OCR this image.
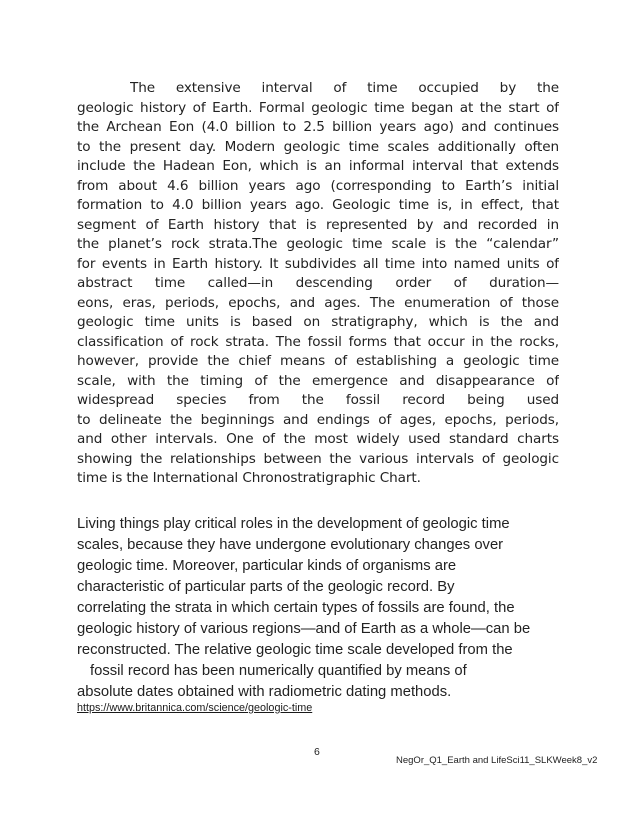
The extensive interval of time occupied by the
geologic history of Earth. Formal geologic time began at the start of
the Archean Eon (4.0 billion to 2.5 billion years ago) and continues
to the present day. Modern geologic time scales additionally often
include the Hadean Eon, which is an informal interval that extends
from about 4.6 billion years ago (corresponding to Earth’s initial
formation to 4.0 billion years ago. Geologic time is, in effect, that
segment of Earth history that is represented by and recorded in
the planet’s rock strata.The geologic time scale is the “calendar”
for events in Earth history. It subdivides all time into named units of
abstract time called—in descending order of duration—
eons, eras, periods, epochs, and ages. The enumeration of those
geologic time units is based on stratigraphy, which is the and
classification of rock strata. The fossil forms that occur in the rocks,
however, provide the chief means of establishing a geologic time
scale, with the timing of the emergence and disappearance of
widespread species from the fossil record being used
to delineate the beginnings and endings of ages, epochs, periods,
and other intervals. One of the most widely used standard charts
showing the relationships between the various intervals of geologic
time is the International Chronostratigraphic Chart.
Living things play critical roles in the development of geologic time
scales, because they have undergone evolutionary changes over
geologic time. Moreover, particular kinds of organisms are
characteristic of particular parts of the geologic record. By
correlating the strata in which certain types of fossils are found, the
geologic history of various regions—and of Earth as a whole—can be
reconstructed. The relative geologic time scale developed from the
fossil record has been numerically quantified by means of
absolute dates obtained with radiometric dating methods.
https://www.britannica.com/science/geologic-time
6
NegOr_Q1_Earth and LifeSci11_SLKWeek8_v2
